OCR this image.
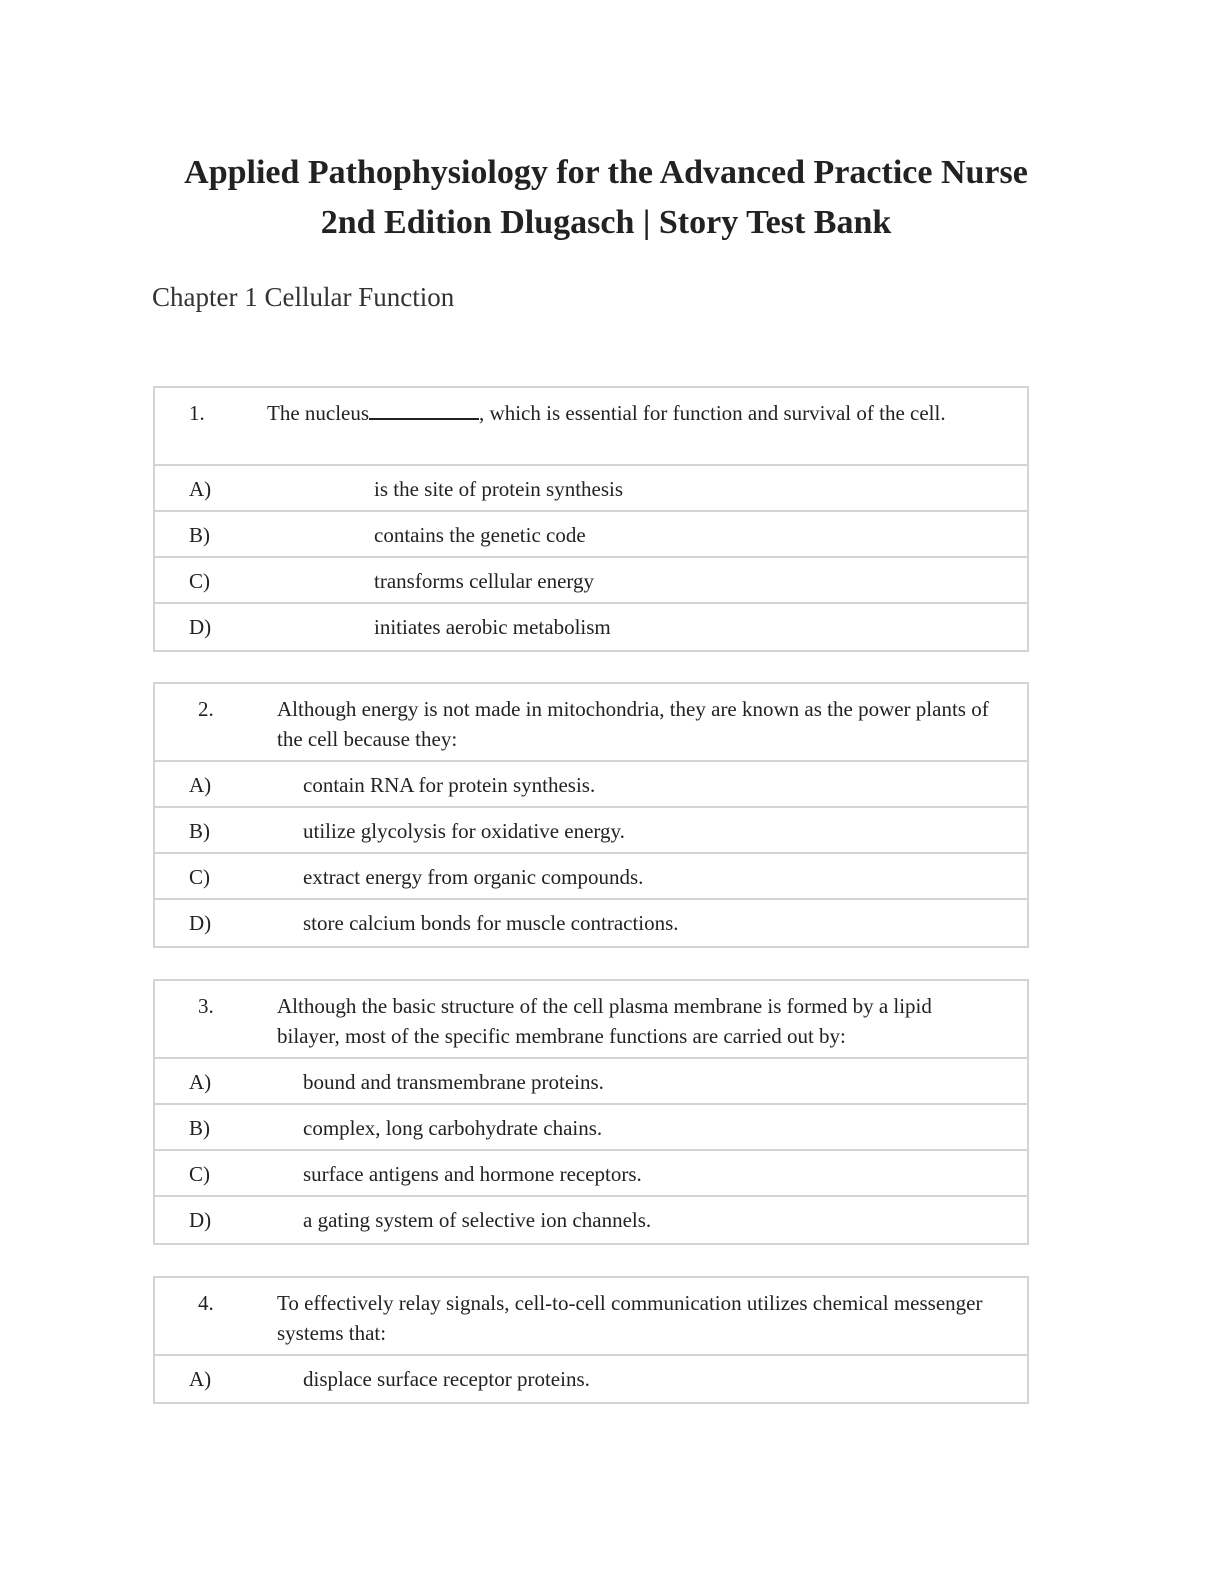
Applied Pathophysiology for the Advanced Practice Nurse
2nd Edition Dlugasch | Story Test Bank
Chapter 1 Cellular Function
1.	The nucleus	, which is essential for function and survival of the cell.
A)	is the site of protein synthesis
B)	contains the genetic code
C)	transforms cellular energy
D)	initiates aerobic metabolism
2.	Although energy is not made in mitochondria, they are known as the power plants of the cell because they:
A)	contain RNA for protein synthesis.
B)	utilize glycolysis for oxidative energy.
C)	extract energy from organic compounds.
D)	store calcium bonds for muscle contractions.
3.	Although the basic structure of the cell plasma membrane is formed by a lipid bilayer, most of the specific membrane functions are carried out by:
A)	bound and transmembrane proteins.
B)	complex, long carbohydrate chains.
C)	surface antigens and hormone receptors.
D)	a gating system of selective ion channels.
4.	To effectively relay signals, cell-to-cell communication utilizes chemical messenger systems that:
A)	displace surface receptor proteins.
